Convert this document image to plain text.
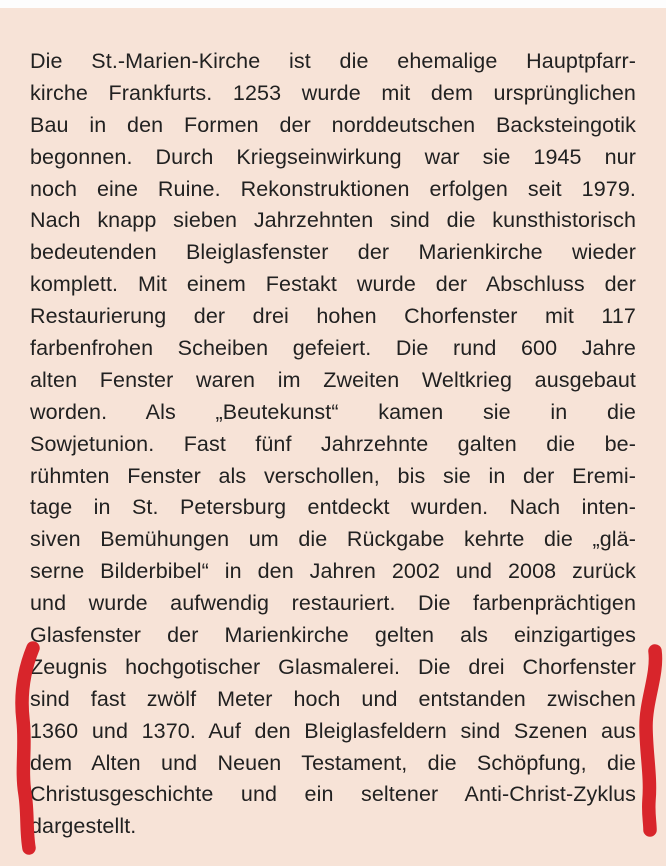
Die St.-Marien-Kirche ist die ehemalige Hauptpfarr-
kirche Frankfurts. 1253 wurde mit dem ursprünglichen
Bau in den Formen der norddeutschen Backsteingotik
begonnen. Durch Kriegseinwirkung war sie 1945 nur
noch eine Ruine. Rekonstruktionen erfolgen seit 1979.
Nach knapp sieben Jahrzehnten sind die kunsthistorisch
bedeutenden Bleiglasfenster der Marienkirche wieder
komplett. Mit einem Festakt wurde der Abschluss der
Restaurierung der drei hohen Chorfenster mit 117
farbenfrohen Scheiben gefeiert. Die rund 600 Jahre
alten Fenster waren im Zweiten Weltkrieg ausgebaut
worden. Als „Beutekunst“ kamen sie in die
Sowjetunion. Fast fünf Jahrzehnte galten die be-
rühmten Fenster als verschollen, bis sie in der Eremi-
tage in St. Petersburg entdeckt wurden. Nach inten-
siven Bemühungen um die Rückgabe kehrte die „glä-
serne Bilderbibel“ in den Jahren 2002 und 2008 zurück
und wurde aufwendig restauriert. Die farbenprächtigen
Glasfenster der Marienkirche gelten als einzigartiges
Zeugnis hochgotischer Glasmalerei. Die drei Chorfenster
sind fast zwölf Meter hoch und entstanden zwischen
1360 und 1370. Auf den Bleiglasfeldern sind Szenen aus
dem Alten und Neuen Testament, die Schöpfung, die
Christusgeschichte und ein seltener Anti-Christ-Zyklus
dargestellt.
